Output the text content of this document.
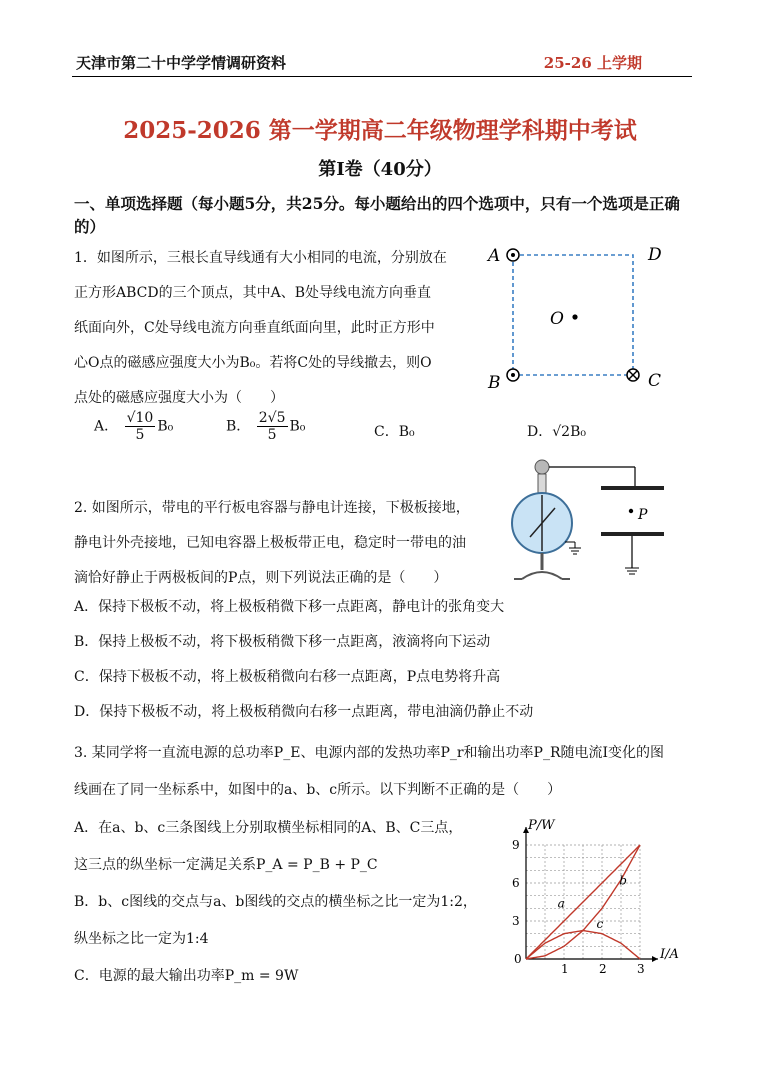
天津市第二十中学学情调研资料	25-26 上学期
2025-2026 第一学期高二年级物理学科期中考试
第Ⅰ卷（40分）
一、单项选择题（每小题5分，共25分。每小题给出的四个选项中，只有一个选项是正确的）
1．如图所示，三根长直导线通有大小相同的电流，分别放在
正方形ABCD的三个顶点，其中A、B处导线电流方向垂直
纸面向外，C处导线电流方向垂直纸面向里，此时正方形中
心O点的磁感应强度大小为B₀。若将C处的导线撤去，则O
点处的磁感应强度大小为（　　）
A． $\frac{√10}{5} B_0$	B． $\frac{2√5}{5} B_0$	C．B₀	D．√2B₀
A	D
O
B	C
2. 如图所示，带电的平行板电容器与静电计连接，下极板接地，
静电计外壳接地，已知电容器上极板带正电，稳定时一带电的油
滴恰好静止于两极板间的P点，则下列说法正确的是（　　）
A．保持下极板不动，将上极板稍微下移一点距离，静电计的张角变大
B．保持上极板不动，将下极板稍微下移一点距离，液滴将向下运动
C．保持下极板不动，将上极板稍微向右移一点距离，P点电势将升高
D．保持下极板不动，将上极板稍微向右移一点距离，带电油滴仍静止不动
P
3. 某同学将一直流电源的总功率P_E、电源内部的发热功率P_r和输出功率P_R随电流I变化的图
线画在了同一坐标系中，如图中的a、b、c所示。以下判断不正确的是（　　）
A．在a、b、c三条图线上分别取横坐标相同的A、B、C三点，
这三点的纵坐标一定满足关系P_A = P_B + P_C
B．b、c图线的交点与a、b图线的交点的横坐标之比一定为1:2，
纵坐标之比一定为1:4
C．电源的最大输出功率P_m = 9W	1	2	3
3
6
9
0	I/A
P/W
a
b
c
